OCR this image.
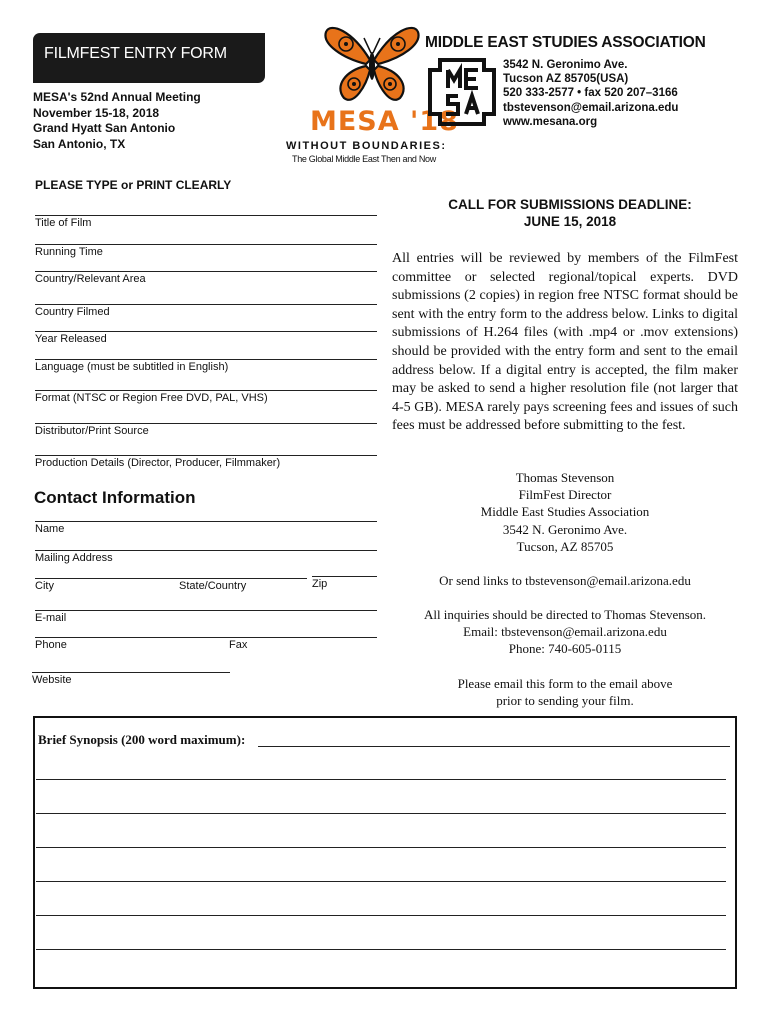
FILMFEST ENTRY FORM
MESA's 52nd Annual Meeting
November 15-18, 2018
Grand Hyatt San Antonio
San Antonio, TX
MESA '18
WITHOUT BOUNDARIES:
The Global Middle East Then and Now
MIDDLE EAST STUDIES ASSOCIATION
3542 N. Geronimo Ave.
Tucson AZ 85705(USA)
520 333-2577 • fax 520 207–3166
tbstevenson@email.arizona.edu
www.mesana.org
PLEASE TYPE or PRINT CLEARLY
Title of Film
Running Time
Country/Relevant Area
Country Filmed
Year Released
Language (must be subtitled in English)
Format (NTSC or Region Free DVD, PAL, VHS)
Distributor/Print Source
Production Details (Director, Producer, Filmmaker)
Contact Information
Name
Mailing Address
City	State/Country	Zip
E-mail
Phone	Fax
Website
CALL FOR SUBMISSIONS DEADLINE:
JUNE 15, 2018
All entries will be reviewed by members of the FilmFest committee or selected regional/topical experts. DVD submissions (2 copies) in region free NTSC format should be sent with the entry form to the address below. Links to digital submissions of H.264 files (with .mp4 or .mov extensions) should be provided with the entry form and sent to the email address below. If a digital entry is accepted, the film maker may be asked to send a higher resolution file (not larger that 4-5 GB). MESA rarely pays screening fees and issues of such fees must be addressed before submitting to the fest.
Thomas Stevenson
FilmFest Director
Middle East Studies Association
3542 N. Geronimo Ave.
Tucson, AZ 85705
Or send links to tbstevenson@email.arizona.edu
All inquiries should be directed to Thomas Stevenson.
Email: tbstevenson@email.arizona.edu
Phone: 740-605-0115
Please email this form to the email above
prior to sending your film.
Brief Synopsis (200 word maximum):
